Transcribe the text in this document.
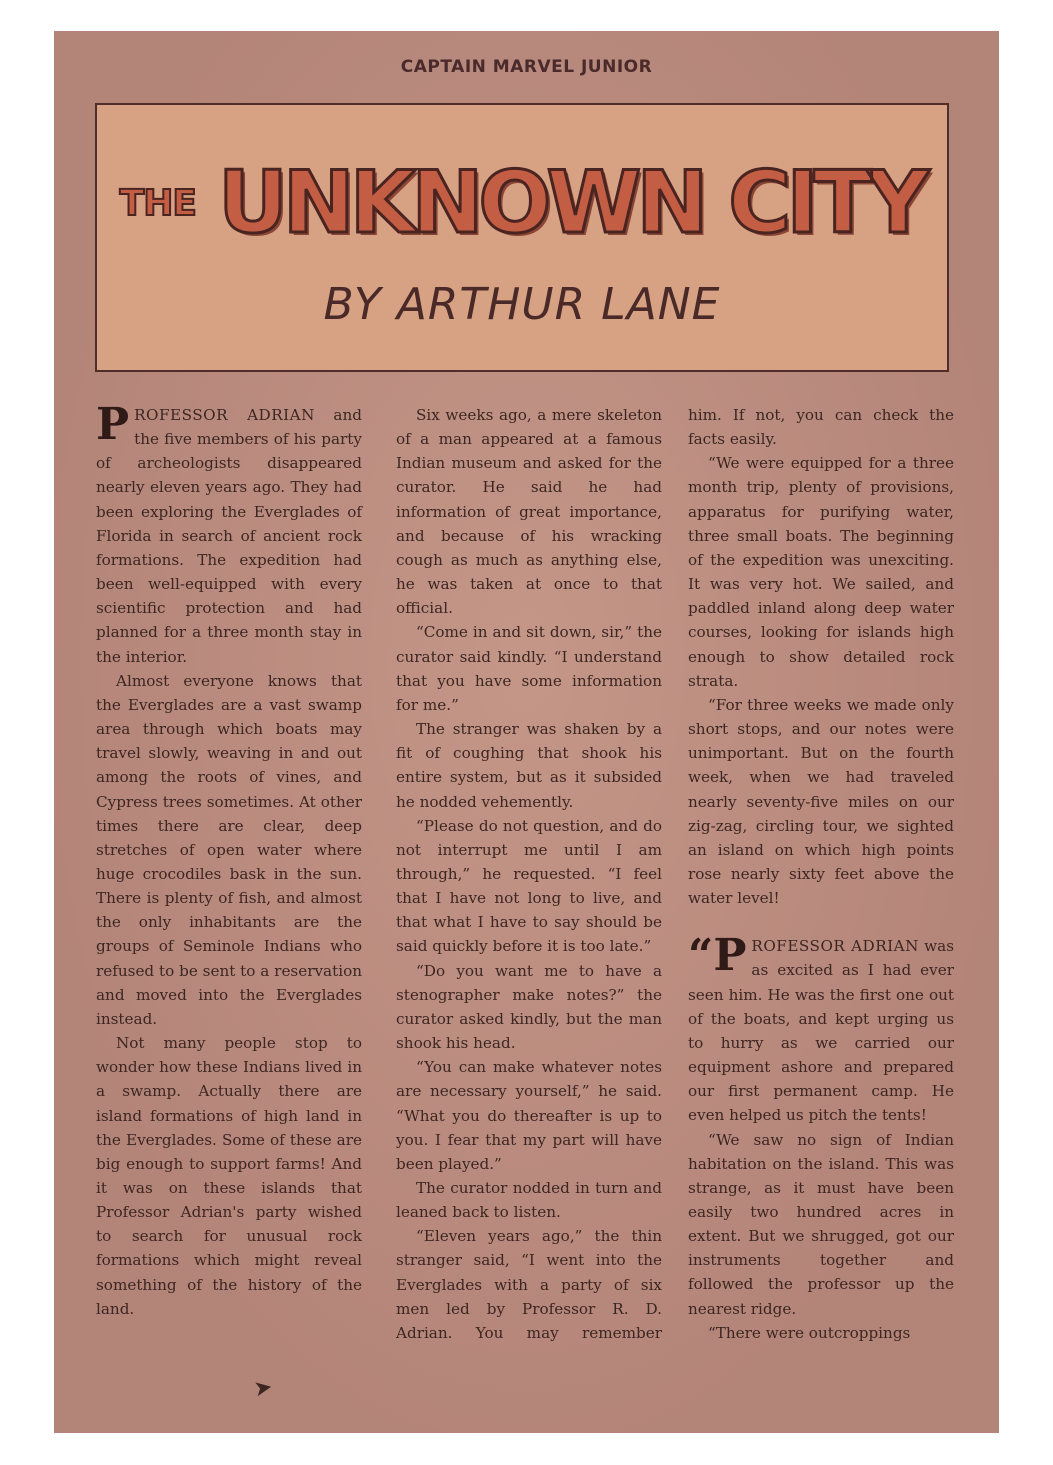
CAPTAIN MARVEL JUNIOR
THE UNKNOWN CITY
BY ARTHUR LANE

PROFESSOR ADRIAN and the five members of his party of archeologists disappeared nearly eleven years ago. They had been exploring the Everglades of Florida in search of ancient rock formations. The expedition had been well-equipped with every scientific protection and had planned for a three month stay in the interior.

Almost everyone knows that the Everglades are a vast swamp area through which boats may travel slowly, weaving in and out among the roots of vines, and Cypress trees sometimes. At other times there are clear, deep stretches of open water where huge crocodiles bask in the sun. There is plenty of fish, and almost the only inhabitants are the groups of Seminole Indians who refused to be sent to a reservation and moved into the Everglades instead.

Not many people stop to wonder how these Indians lived in a swamp. Actually there are island formations of high land in the Everglades. Some of these are big enough to support farms! And it was on these islands that Professor Adrian's party wished to search for unusual rock formations which might reveal something of the history of the land.

Six weeks ago, a mere skeleton of a man appeared at a famous Indian museum and asked for the curator. He said he had information of great importance, and because of his wracking cough as much as anything else, he was taken at once to that official.

“Come in and sit down, sir,” the curator said kindly. “I understand that you have some information for me.”

The stranger was shaken by a fit of coughing that shook his entire system, but as it subsided he nodded vehemently.

“Please do not question, and do not interrupt me until I am through,” he requested. “I feel that I have not long to live, and that what I have to say should be said quickly before it is too late.”

“Do you want me to have a stenographer make notes?” the curator asked kindly, but the man shook his head.

“You can make whatever notes are necessary yourself,” he said. “What you do thereafter is up to you. I fear that my part will have been played.”

The curator nodded in turn and leaned back to listen.

“Eleven years ago,” the thin stranger said, “I went into the Everglades with a party of six men led by Professor R. D. Adrian. You may remember

him. If not, you can check the facts easily.

“We were equipped for a three month trip, plenty of provisions, apparatus for purifying water, three small boats. The beginning of the expedition was unexciting. It was very hot. We sailed, and paddled inland along deep water courses, looking for islands high enough to show detailed rock strata.

“For three weeks we made only short stops, and our notes were unimportant. But on the fourth week, when we had traveled nearly seventy-five miles on our zig-zag, circling tour, we sighted an island on which high points rose nearly sixty feet above the water level!

“P ROFESSOR ADRIAN was as excited as I had ever seen him. He was the first one out of the boats, and kept urging us to hurry as we carried our equipment ashore and prepared our first permanent camp. He even helped us pitch the tents!

“We saw no sign of Indian habitation on the island. This was strange, as it must have been easily two hundred acres in extent. But we shrugged, got our instruments together and followed the professor up the nearest ridge.

“There were outcroppings

➤
